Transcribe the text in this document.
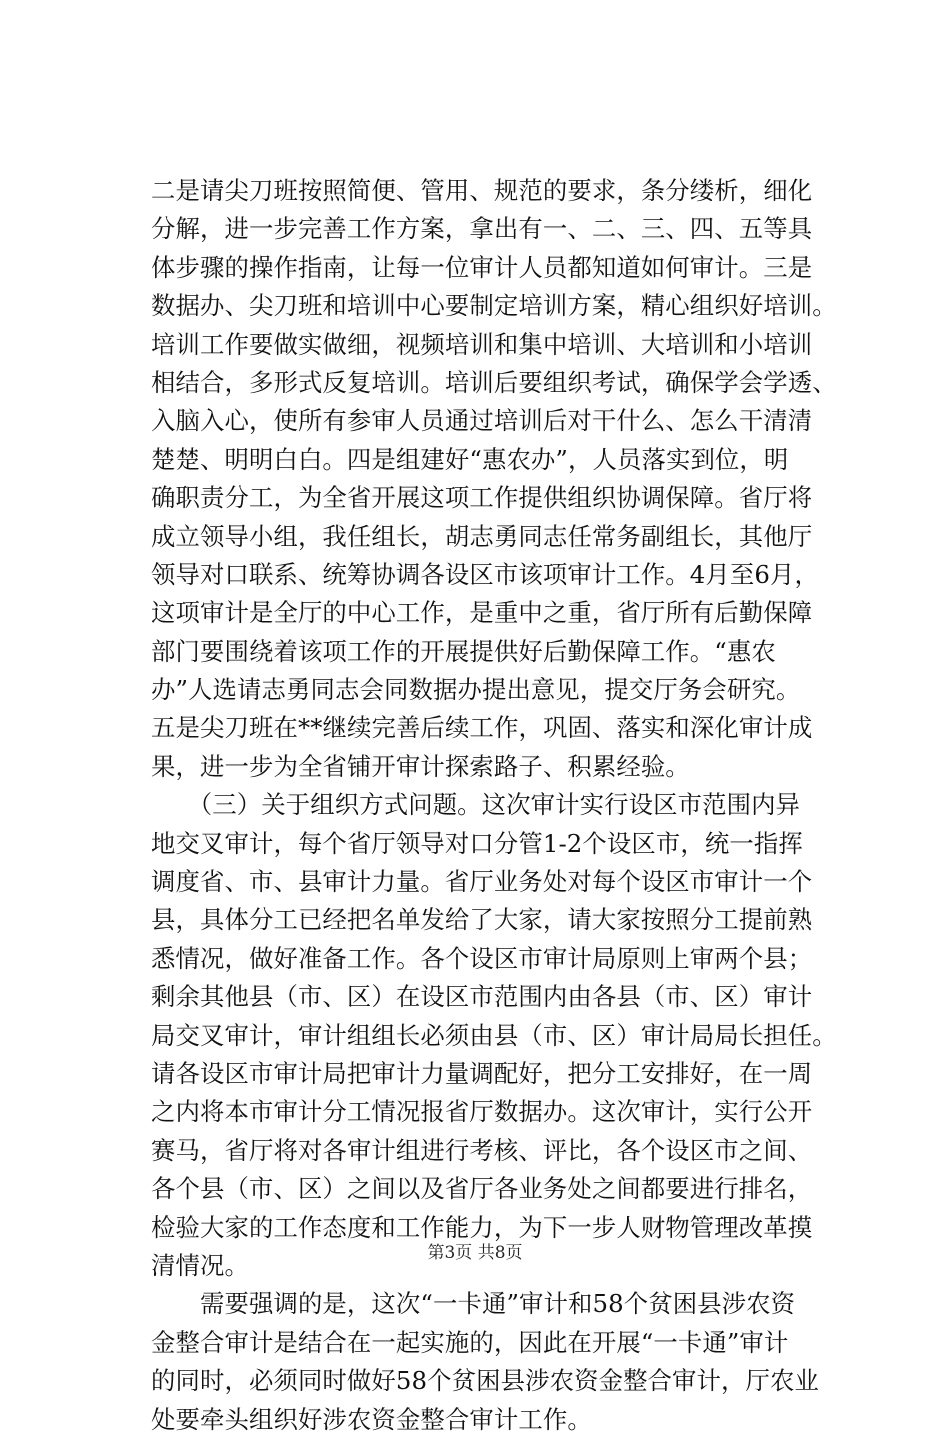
二是请尖刀班按照简便、管用、规范的要求，条分缕析，细化
分解，进一步完善工作方案，拿出有一、二、三、四、五等具
体步骤的操作指南，让每一位审计人员都知道如何审计。三是
数据办、尖刀班和培训中心要制定培训方案，精心组织好培训。
培训工作要做实做细，视频培训和集中培训、大培训和小培训
相结合，多形式反复培训。培训后要组织考试，确保学会学透、
入脑入心，使所有参审人员通过培训后对干什么、怎么干清清
楚楚、明明白白。四是组建好“惠农办”，人员落实到位，明
确职责分工，为全省开展这项工作提供组织协调保障。省厅将
成立领导小组，我任组长，胡志勇同志任常务副组长，其他厅
领导对口联系、统筹协调各设区市该项审计工作。4月至6月，
这项审计是全厅的中心工作，是重中之重，省厅所有后勤保障
部门要围绕着该项工作的开展提供好后勤保障工作。“惠农
办”人选请志勇同志会同数据办提出意见，提交厅务会研究。
五是尖刀班在**继续完善后续工作，巩固、落实和深化审计成
果，进一步为全省铺开审计探索路子、积累经验。
　　（三）关于组织方式问题。这次审计实行设区市范围内异
地交叉审计，每个省厅领导对口分管1-2个设区市，统一指挥
调度省、市、县审计力量。省厅业务处对每个设区市审计一个
县，具体分工已经把名单发给了大家，请大家按照分工提前熟
悉情况，做好准备工作。各个设区市审计局原则上审两个县；
剩余其他县（市、区）在设区市范围内由各县（市、区）审计
局交叉审计，审计组组长必须由县（市、区）审计局局长担任。
请各设区市审计局把审计力量调配好，把分工安排好，在一周
之内将本市审计分工情况报省厅数据办。这次审计，实行公开
赛马，省厅将对各审计组进行考核、评比，各个设区市之间、
各个县（市、区）之间以及省厅各业务处之间都要进行排名，
检验大家的工作态度和工作能力，为下一步人财物管理改革摸
清情况。
　　需要强调的是，这次“一卡通”审计和58个贫困县涉农资
金整合审计是结合在一起实施的，因此在开展“一卡通”审计
的同时，必须同时做好58个贫困县涉农资金整合审计，厅农业
处要牵头组织好涉农资金整合审计工作。
第3页 共8页
